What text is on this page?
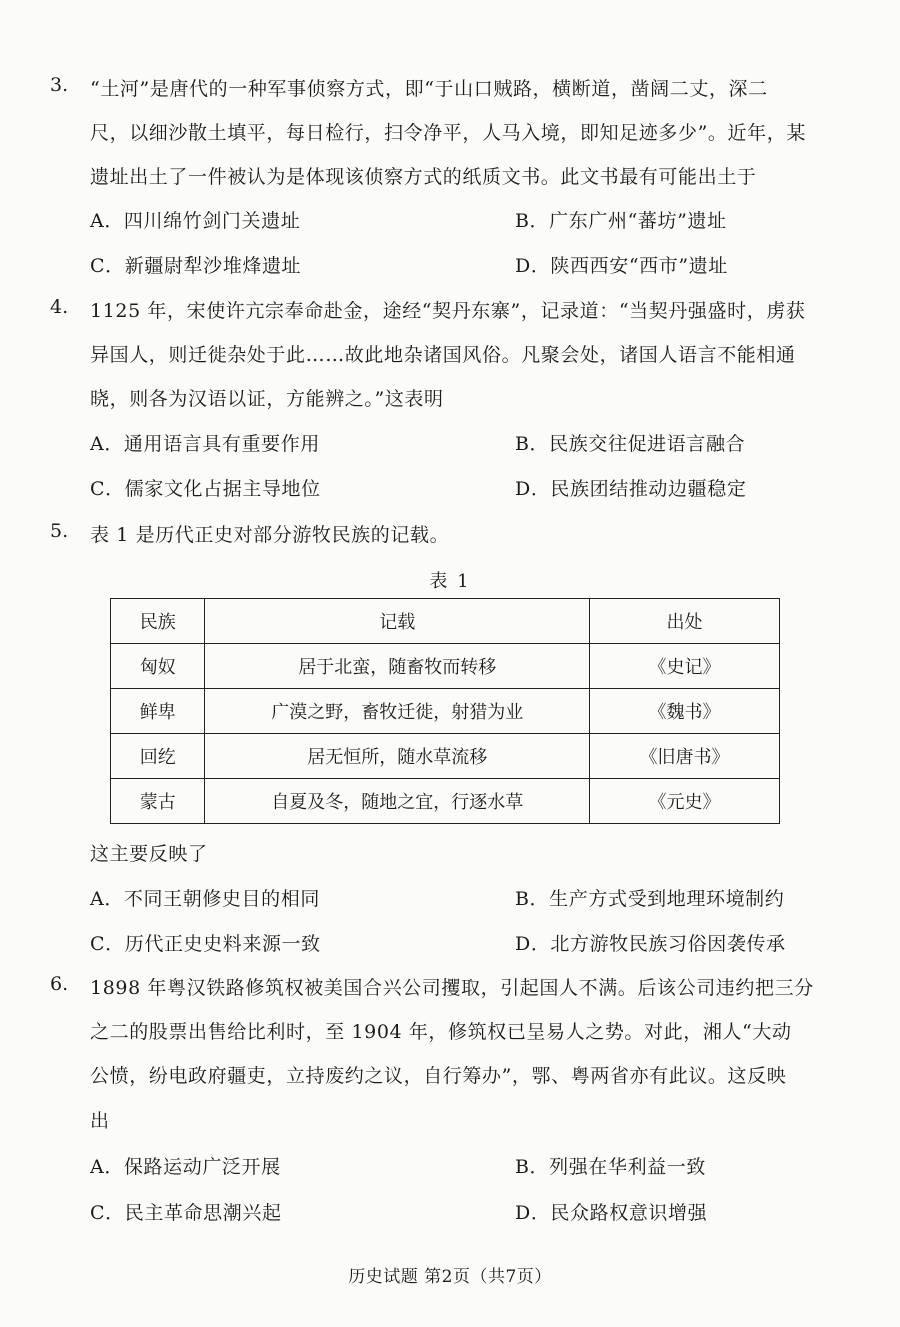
3. “土河”是唐代的一种军事侦察方式，即“于山口贼路，横断道，凿阔二丈，深二
尺，以细沙散土填平，每日检行，扫令净平，人马入境，即知足迹多少”。近年，某
遗址出土了一件被认为是体现该侦察方式的纸质文书。此文书最有可能出土于
A．四川绵竹剑门关遗址	B．广东广州“蕃坊”遗址
C．新疆尉犁沙堆烽遗址	D．陕西西安“西市”遗址
4. 1125 年，宋使许亢宗奉命赴金，途经“契丹东寨”，记录道：“当契丹强盛时，虏获
异国人，则迁徙杂处于此……故此地杂诸国风俗。凡聚会处，诸国人语言不能相通
晓，则各为汉语以证，方能辨之。”这表明
A．通用语言具有重要作用	B．民族交往促进语言融合
C．儒家文化占据主导地位	D．民族团结推动边疆稳定
5. 表 1 是历代正史对部分游牧民族的记载。
表 1
民族	记载	出处
匈奴	居于北蛮，随畜牧而转移	《史记》
鲜卑	广漠之野，畜牧迁徙，射猎为业	《魏书》
回纥	居无恒所，随水草流移	《旧唐书》
蒙古	自夏及冬，随地之宜，行逐水草	《元史》
这主要反映了
A．不同王朝修史目的相同	B．生产方式受到地理环境制约
C．历代正史史料来源一致	D．北方游牧民族习俗因袭传承
6. 1898 年粤汉铁路修筑权被美国合兴公司攫取，引起国人不满。后该公司违约把三分
之二的股票出售给比利时，至 1904 年，修筑权已呈易人之势。对此，湘人“大动
公愤，纷电政府疆吏，立持废约之议，自行筹办”，鄂、粤两省亦有此议。这反映
出
A．保路运动广泛开展	B．列强在华利益一致
C．民主革命思潮兴起	D．民众路权意识增强
历史试题 第2页（共7页）
